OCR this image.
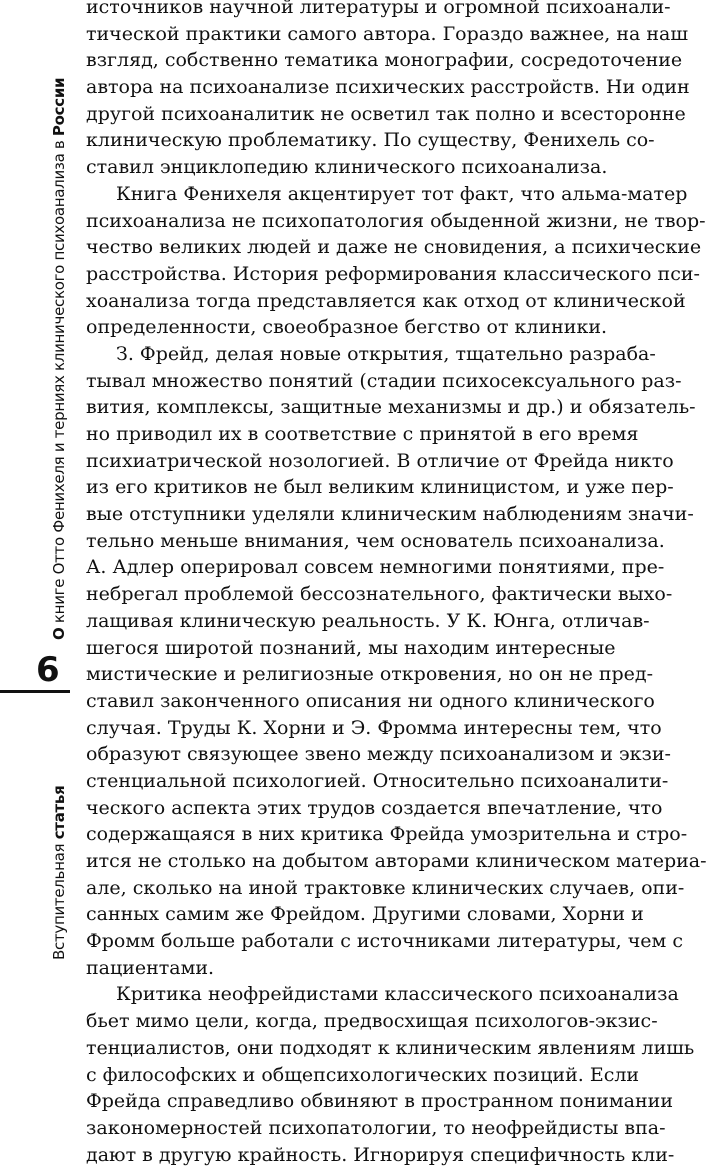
О книге Отто Фенихеля и терниях клинического психоанализа в России
6
Вступительная статья
источников научной литературы и огромной психоанали-
тической практики самого автора. Гораздо важнее, на наш
взгляд, собственно тематика монографии, сосредоточение
автора на психоанализе психических расстройств. Ни один
другой психоаналитик не осветил так полно и всесторонне
клиническую проблематику. По существу, Фенихель со-
ставил энциклопедию клинического психоанализа.
Книга Фенихеля акцентирует тот факт, что альма-матер
психоанализа не психопатология обыденной жизни, не твор-
чество великих людей и даже не сновидения, а психические
расстройства. История реформирования классического пси-
хоанализа тогда представляется как отход от клинической
определенности, своеобразное бегство от клиники.
З. Фрейд, делая новые открытия, тщательно разраба-
тывал множество понятий (стадии психосексуального раз-
вития, комплексы, защитные механизмы и др.) и обязатель-
но приводил их в соответствие с принятой в его время
психиатрической нозологией. В отличие от Фрейда никто
из его критиков не был великим клиницистом, и уже пер-
вые отступники уделяли клиническим наблюдениям значи-
тельно меньше внимания, чем основатель психоанализа.
А. Адлер оперировал совсем немногими понятиями, пре-
небрегал проблемой бессознательного, фактически выхо-
лащивая клиническую реальность. У К. Юнга, отличав-
шегося широтой познаний, мы находим интересные
мистические и религиозные откровения, но он не пред-
ставил законченного описания ни одного клинического
случая. Труды К. Хорни и Э. Фромма интересны тем, что
образуют связующее звено между психоанализом и экзи-
стенциальной психологией. Относительно психоаналити-
ческого аспекта этих трудов создается впечатление, что
содержащаяся в них критика Фрейда умозрительна и стро-
ится не столько на добытом авторами клиническом материа-
але, сколько на иной трактовке клинических случаев, опи-
санных самим же Фрейдом. Другими словами, Хорни и
Фромм больше работали с источниками литературы, чем с
пациентами.
Критика неофрейдистами классического психоанализа
бьет мимо цели, когда, предвосхищая психологов-экзис-
тенциалистов, они подходят к клиническим явлениям лишь
с философских и общепсихологических позиций. Если
Фрейда справедливо обвиняют в пространном понимании
закономерностей психопатологии, то неофрейдисты впа-
дают в другую крайность. Игнорируя специфичность кли-
